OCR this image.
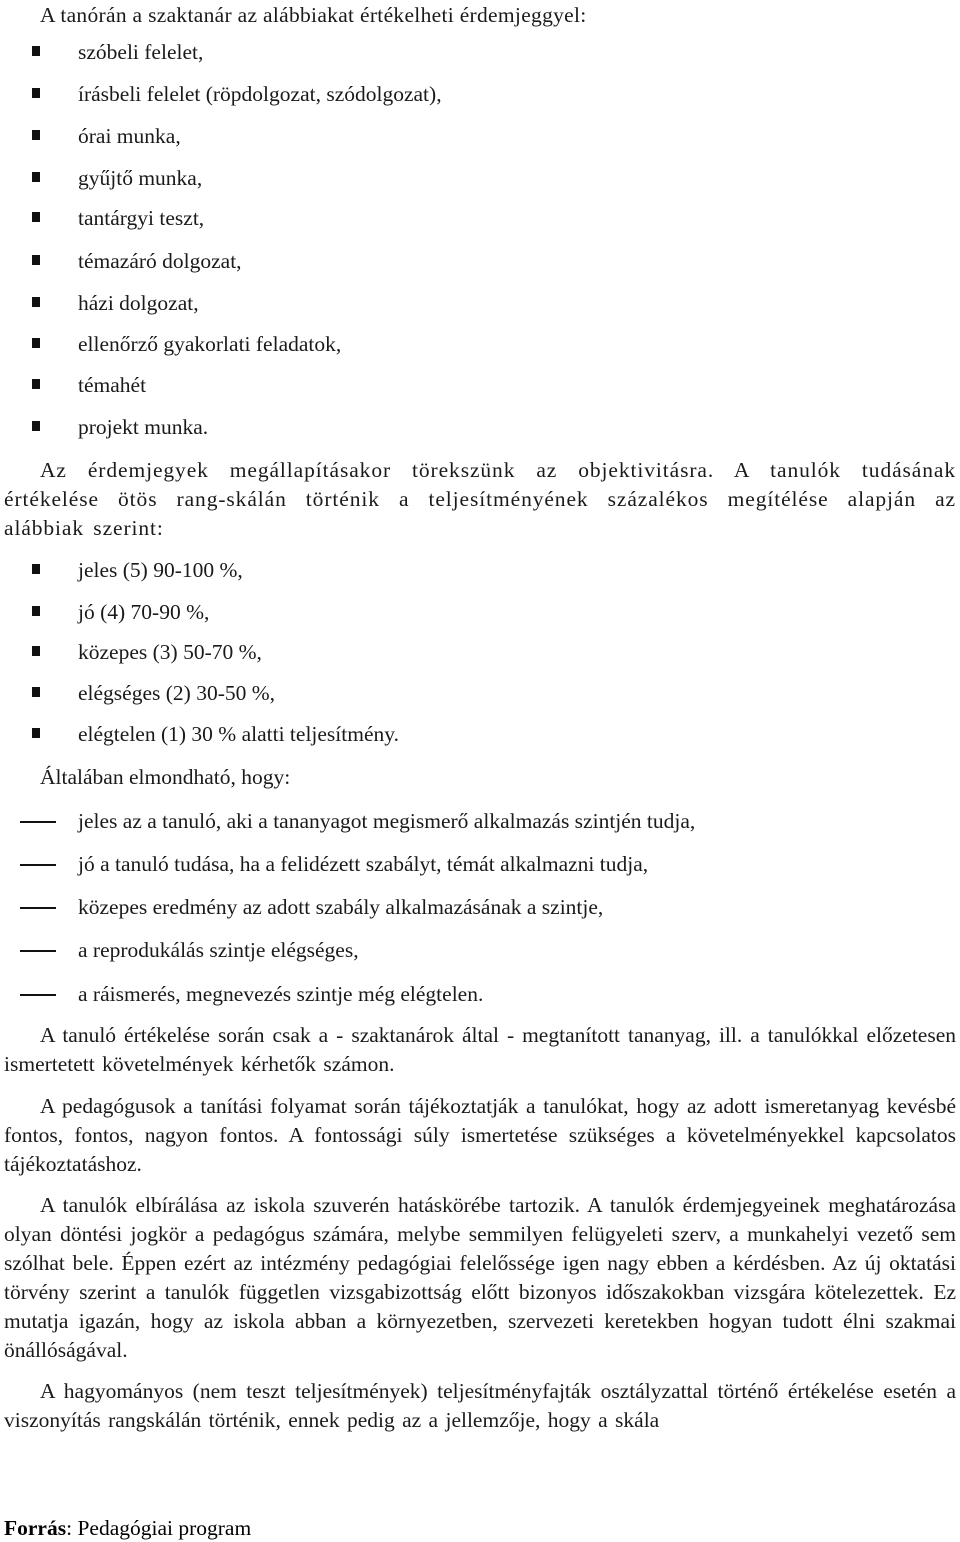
A tanórán a szaktanár az alábbiakat értékelheti érdemjeggyel:

szóbeli felelet,
írásbeli felelet (röpdolgozat, szódolgozat),
órai munka,
gyűjtő munka,
tantárgyi teszt,
témazáró dolgozat,
házi dolgozat,
ellenőrző gyakorlati feladatok,
témahét
projekt munka.

Az érdemjegyek megállapításakor törekszünk az objektivitásra. A tanulók tudásának

értékelése ötös rang-skálán történik a teljesítményének százalékos megítélése alapján az

alábbiak szerint:

jeles (5) 90-100 %,
jó (4) 70-90 %,
közepes (3) 50-70 %,
elégséges (2) 30-50 %,
elégtelen (1) 30 % alatti teljesítmény.

Általában elmondható, hogy:

jeles az a tanuló, aki a tananyagot megismerő alkalmazás szintjén tudja,
jó a tanuló tudása, ha a felidézett szabályt, témát alkalmazni tudja,
közepes eredmény az adott szabály alkalmazásának a szintje,
a reprodukálás szintje elégséges,
a ráismerés, megnevezés szintje még elégtelen.

A tanuló értékelése során csak a - szaktanárok által - megtanított tananyag, ill. a tanulókkal előzetesen ismertetett követelmények kérhetők számon.

A pedagógusok a tanítási folyamat során tájékoztatják a tanulókat, hogy az adott ismeretanyag kevésbé fontos, fontos, nagyon fontos. A fontossági súly ismertetése szükséges a követelményekkel kapcsolatos tájékoztatáshoz.

A tanulók elbírálása az iskola szuverén hatáskörébe tartozik. A tanulók érdemjegyeinek meghatározása olyan döntési jogkör a pedagógus számára, melybe semmilyen felügyeleti szerv, a munkahelyi vezető sem szólhat bele. Éppen ezért az intézmény pedagógiai felelőssége igen nagy ebben a kérdésben. Az új oktatási törvény szerint a tanulók független vizsgabizottság előtt bizonyos időszakokban vizsgára kötelezettek. Ez mutatja igazán, hogy az iskola abban a környezetben, szervezeti keretekben hogyan tudott élni szakmai önállóságával.

A hagyományos (nem teszt teljesítmények) teljesítményfajták osztályzattal történő értékelése esetén a viszonyítás rangskálán történik, ennek pedig az a jellemzője, hogy a skála

Forrás: Pedagógiai program
